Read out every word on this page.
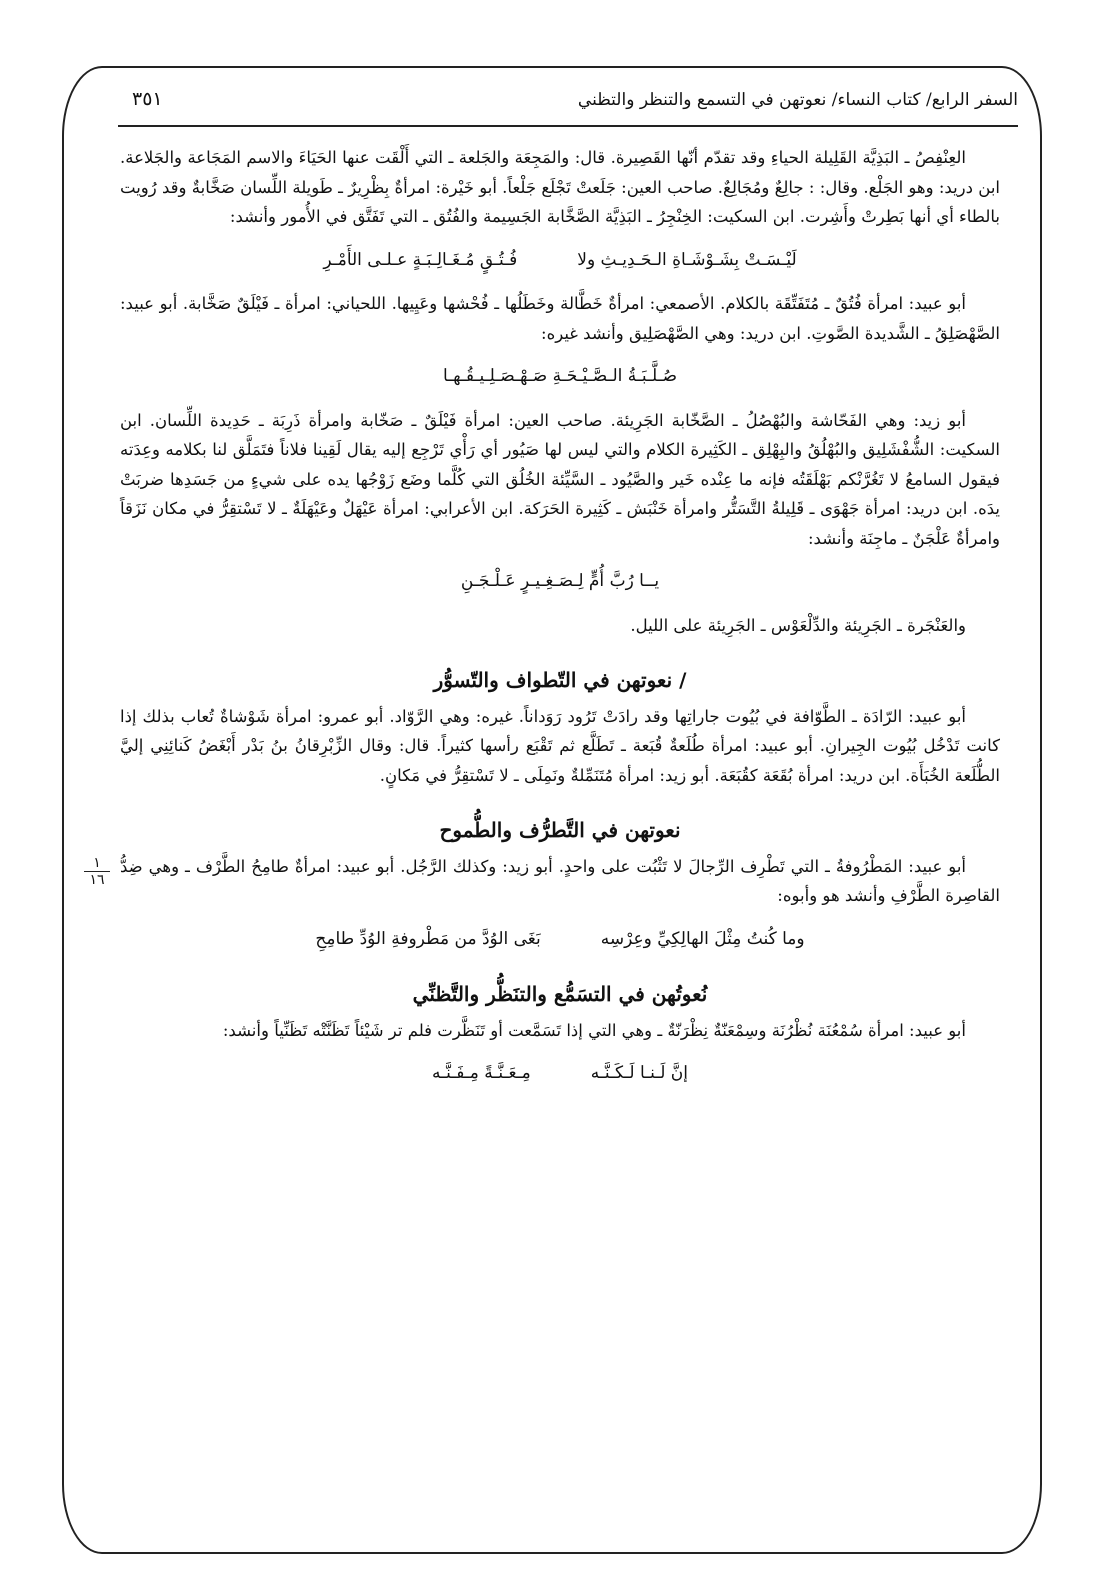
السفر الرابع/ كتاب النساء/ نعوتهن في التسمع والتنظر والتظني
٣٥١
١
١٦

العِنْفِصُ ـ البَذِيَّة القَلِيلة الحياءِ وقد تقدّم أنّها القَصِيرة. قال: والمَجِعَة والجَلعة ـ التي أَلْقَت عنها الحَيَاءَ والاسم المَجَاعة والجَلاعة. ابن دريد: وهو الجَلْع. وقال: : جالِعٌ ومُجَالِعٌ. صاحب العين: جَلَعتْ تَجْلَع جَلْعاً. أبو خَيْرة: امرأةٌ بِظْرِيرٌ ـ طَويلة اللِّسان صَخَّابةٌ وقد رُويت بالطاء أي أنها بَطِرتْ وأَشِرت. ابن السكيت: الخِنْجِرُ ـ البَذِيَّة الصَّخَّابة الجَسِيمة والفُتُق ـ التي تَفَتَّق في الأُمور وأنشد:

لَيْـسَـتْ بِشَـوْشَـاةِ الـحَـدِيـثِ ولافُـتُـقٍ مُـغَـالِـبَـةٍ عـلـى الأَمْـرِ

أبو عبيد: امرأة فُتُقٌ ـ مُتَفَتِّقَة بالكلام. الأصمعي: امرأةٌ خَطَّالة وخَطَلُها ـ فُحْشها وعَيِيها. اللحياني: امرأة ـ فَيْلَقٌ صَخَّابة. أبو عبيد: الصَّهْصَلِقُ ـ الشَّديدة الصَّوتِ. ابن دريد: وهي الصَّهْصَلِيق وأنشد غيره:

صُـلَّـبَـةُ الـصَّـيْـحَـةِ صَـهْـصَـلِـيـقُـهـا

أبو زيد: وهي الفَحّاشة والبُهْصُلُ ـ الصَّخّابة الجَرِيئة. صاحب العين: امرأة فَيْلَقٌ ـ صَخّابة وامرأة ذَرِبَة ـ حَدِيدة اللِّسان. ابن السكيت: الشُّفْشَلِيق والبُهْلُقُ والبِهْلِق ـ الكَثِيرة الكلام والتي ليس لها صَيُور أي رَأْي تَرْجِع إليه يقال لَقِينا فلاناً فتَمَلَّق لنا بكلامه وعِدَته فيقول السامعُ لا تَغُرَّنْكم بَهْلَقَتُه فإنه ما عِنْده خَير والصَّيُود ـ السَّيِّئة الخُلُق التي كُلَّما وضَع زَوْجُها يده على شيءٍ من جَسَدِها ضربَتْ يدَه. ابن دريد: امرأة جَهْوَى ـ قَلِيلةُ التَّسَتُّر وامرأة خَنْبَش ـ كَثِيرة الحَرَكة. ابن الأعرابي: امرأة عَيْهَلٌ وعَيْهَلَةٌ ـ لا تَسْتقِرُّ في مكان نَزَقاً وامرأةٌ عَلْجَنٌ ـ ماجِنَة وأنشد:

يــا رُبَّ أُمٍّ لِـصَـغِـيـرٍ عَـلْـجَـنِ

والعَنْجَرة ـ الجَرِيئة والدِّلْعَوْس ـ الجَرِيئة على الليل.

/ نعوتهن في التّطواف والتّسوُّر

أبو عبيد: الرّادَة ـ الطَّوّافة في بُيُوت جاراتِها وقد رادَتْ تَرُود رَوَداناً. غيره: وهي الرَّوّاد. أبو عمرو: امرأة شَوْشاةٌ تُعاب بذلك إذا كانت تَدْخُل بُيُوت الجِيرانِ. أبو عبيد: امرأة طُلَعةٌ قُبَعة ـ تَطَلَّع ثم تَقْبَع رأسها كثيراً. قال: وقال الزِّبْرِقانُ بنُ بَدْر أَبْغَضُ كَنائِنِي إليَّ الطُّلَعة الخُبَأَة. ابن دريد: امرأة بُقَعَة كقُبَعَة. أبو زيد: امرأة مُتَنَمِّلةٌ ونَمِلَى ـ لا تَسْتقِرُّ في مَكانٍ.

نعوتهن في التَّطرُّف والطُّموح

أبو عبيد: المَطْرُوفةُ ـ التي تَطْرِف الرِّجالَ لا تَثْبُت على واحدٍ. أبو زيد: وكذلك الرَّجُل. أبو عبيد: امرأةٌ طامِحُ الطَّرْف ـ وهي ضِدُّ القاصِرة الطَّرْفِ وأنشد هو وأبوه:

وما كُنتُ مِثْلَ الهالِكِيِّ وعِرْسِهبَغَى الوُدَّ من مَطْروفةِ الوُدِّ طامِحِ

نُعوتُهن في التسَمُّع والتنَظُّر والتَّظنِّي

أبو عبيد: امرأة سُمْعُنَة نُظْرُنَة وسِمْعَنّةٌ نِظْرَنّةٌ ـ وهي التي إذا تَسَمَّعت أو تَنَظَّرت فلم تر شَيْئاً تَظَنَّتْه تَظَنِّياً وأنشد:

إنَّ لَـنـا لَـكَـنَّـهمِـعَـنَّـةً مِـفَـنَّـه
